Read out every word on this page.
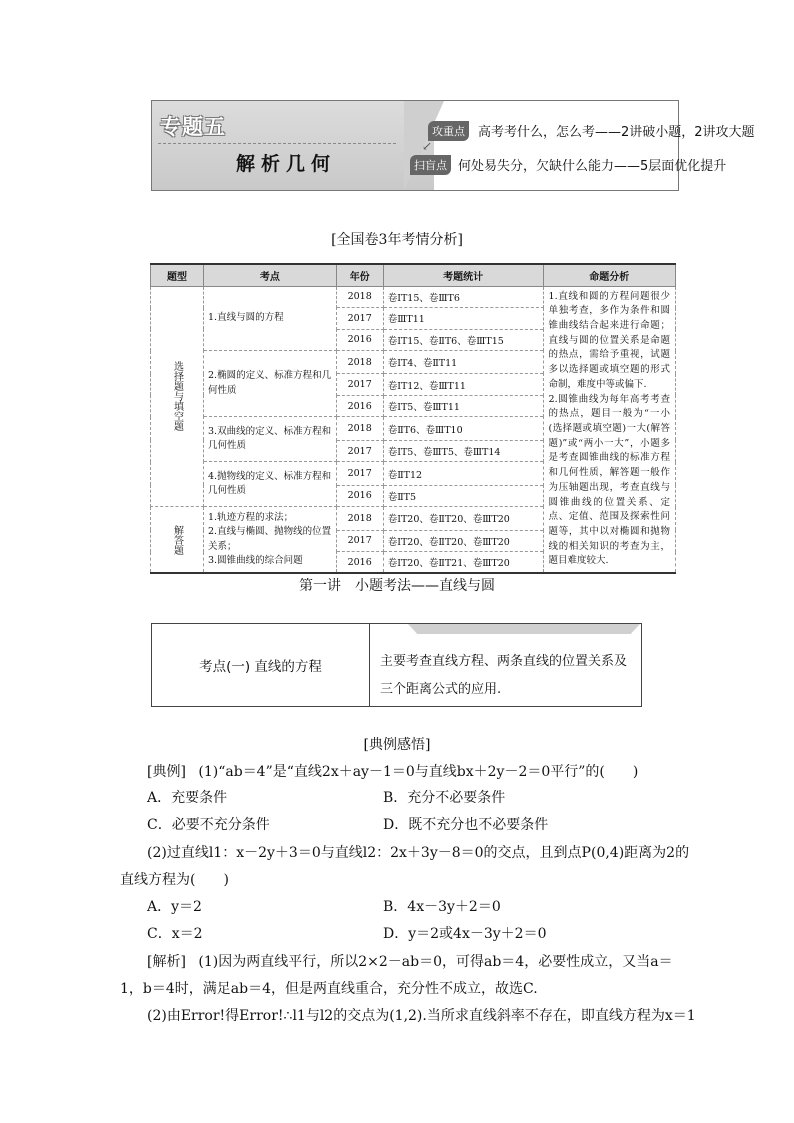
专题五
解析几何
攻重点	高考考什么，怎么考——2讲破小题，2讲攻大题
↙
扫盲点 何处易失分，欠缺什么能力——5层面优化提升
[全国卷3年考情分析]
题型	考点	年份	考题统计	命题分析

选择题与填空题	1.直线与圆的方程	2018	卷ⅠT15、卷ⅢT6	1.直线和圆的方程问题很少单独考查，多作为条件和圆锥曲线结合起来进行命题；直线与圆的位置关系是命题的热点，需给予重视，试题多以选择题或填空题的形式命制，难度中等或偏下.
2.圆锥曲线为每年高考考查的热点，题目一般为“一小(选择题或填空题)一大(解答题)”或“两小一大”，小题多是考查圆锥曲线的标准方程和几何性质，解答题一般作为压轴题出现，考查直线与圆锥曲线的位置关系、定点、定值、范围及探索性问题等，其中以对椭圆和抛物线的相关知识的考查为主，题目难度较大.
		2017	卷ⅢT11	
		2016	卷ⅠT15、卷ⅡT6、卷ⅢT15	
	2.椭圆的定义、标准方程和几何性质	2018	卷ⅠT4、卷ⅡT11	
		2017	卷ⅠT12、卷ⅢT11	
		2016	卷ⅠT5、卷ⅢT11	
	3.双曲线的定义、标准方程和几何性质	2018	卷ⅡT6、卷ⅢT10	
		2017	卷ⅠT5、卷ⅢT5、卷ⅢT14	
	4.抛物线的定义、标准方程和几何性质	2017	卷ⅡT12	
		2016	卷ⅡT5	

解答题	1.轨迹方程的求法；
2.直线与椭圆、抛物线的位置关系；
3.圆锥曲线的综合问题	2018	卷ⅠT20、卷ⅡT20、卷ⅢT20	
		2017	卷ⅠT20、卷ⅡT20、卷ⅢT20	
		2016	卷ⅠT20、卷ⅡT21、卷ⅢT20	
第一讲　小题考法——直线与圆
考点(一) 直线的方程	主要考查直线方程、两条直线的位置关系及三个距离公式的应用.
[典例感悟]
[典例] (1)“ab＝4”是“直线2x＋ay－1＝0与直线bx＋2y－2＝0平行”的(　　)
A．充要条件	B．充分不必要条件
C．必要不充分条件	D．既不充分也不必要条件
(2)过直线l1：x－2y＋3＝0与直线l2：2x＋3y－8＝0的交点，且到点P(0,4)距离为2的
直线方程为(　　)
A．y＝2	B．4x－3y＋2＝0
C．x＝2	D．y＝2或4x－3y＋2＝0
[解析] (1)因为两直线平行，所以2×2－ab＝0，可得ab＝4，必要性成立，又当a＝
1，b＝4时，满足ab＝4，但是两直线重合，充分性不成立，故选C.
(2)由Error!得Error!∴l1与l2的交点为(1,2).当所求直线斜率不存在，即直线方程为x＝1
